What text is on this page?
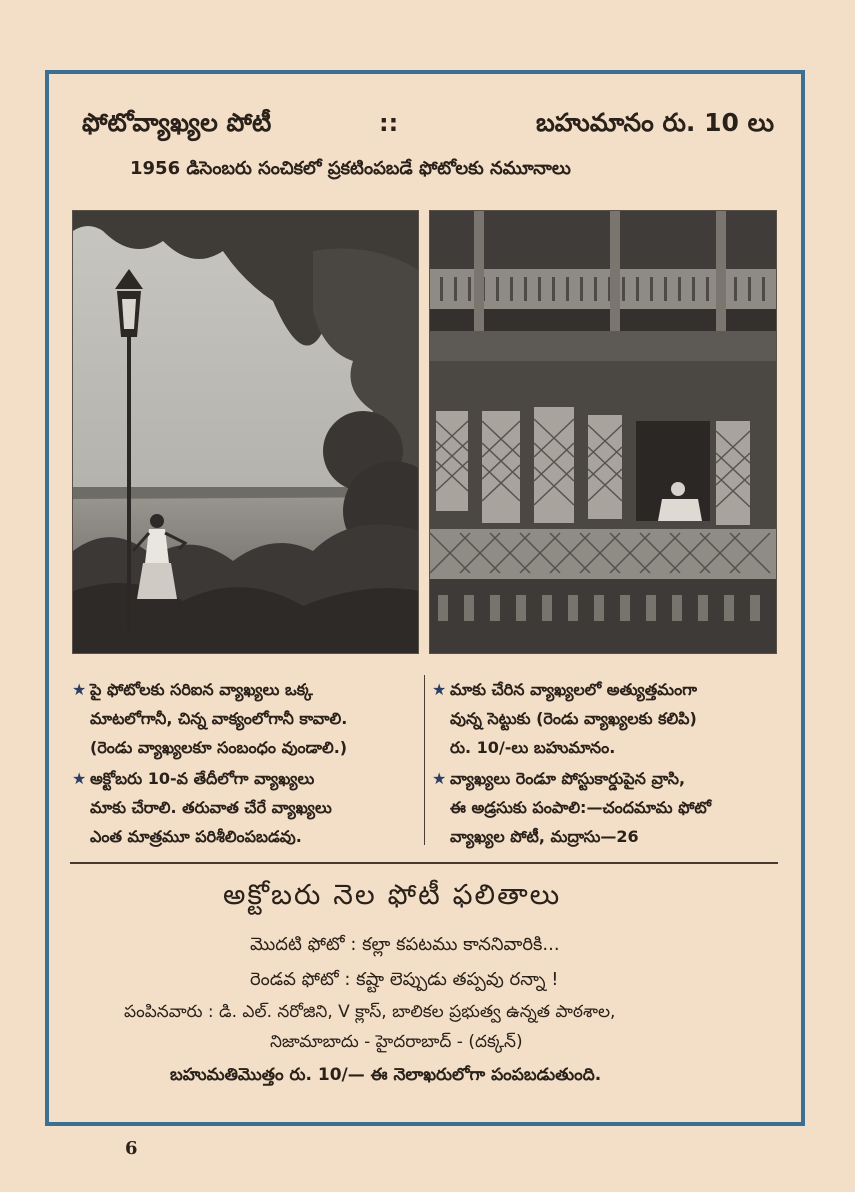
ఫోటోవ్యాఖ్యల పోటీ	::	బహుమానం రు. 10 లు
1956 డిసెంబరు సంచికలో ప్రకటింపబడే ఫోటోలకు నమూనాలు
★ పై ఫోటోలకు సరిఐన వ్యాఖ్యలు ఒక్క
మాటలోగానీ, చిన్న వాక్యంలోగానీ కావాలి.
(రెండు వ్యాఖ్యలకూ సంబంధం వుండాలి.)
★ అక్టోబరు 10-వ తేదీలోగా వ్యాఖ్యలు
మాకు చేరాలి. తరువాత చేరే వ్యాఖ్యలు
ఎంత మాత్రమూ పరిశీలింపబడవు.
★ మాకు చేరిన వ్యాఖ్యలలో అత్యుత్తమంగా
వున్న సెట్టుకు (రెండు వ్యాఖ్యలకు కలిపి)
రు. 10/-లు బహుమానం.
★ వ్యాఖ్యలు రెండూ పోస్టుకార్డుపైన వ్రాసి,
ఈ అడ్రసుకు పంపాలి:—చందమామ ఫోటో
వ్యాఖ్యల పోటీ, మద్రాసు—26
అక్టోబరు నెల ఫోటీ ఫలితాలు
మొదటి ఫోటో : కల్లా కపటము కాననివారికి...
రెండవ ఫోటో : కష్టా లెప్పుడు తప్పవు రన్నా !
పంపినవారు : డి. ఎల్. నరోజిని, V క్లాస్, బాలికల ప్రభుత్వ ఉన్నత పాఠశాల,
నిజామాబాదు - హైదరాబాద్ - (దక్కన్)
బహుమతిమొత్తం రు. 10/— ఈ నెలాఖరులోగా పంపబడుతుంది.
6
